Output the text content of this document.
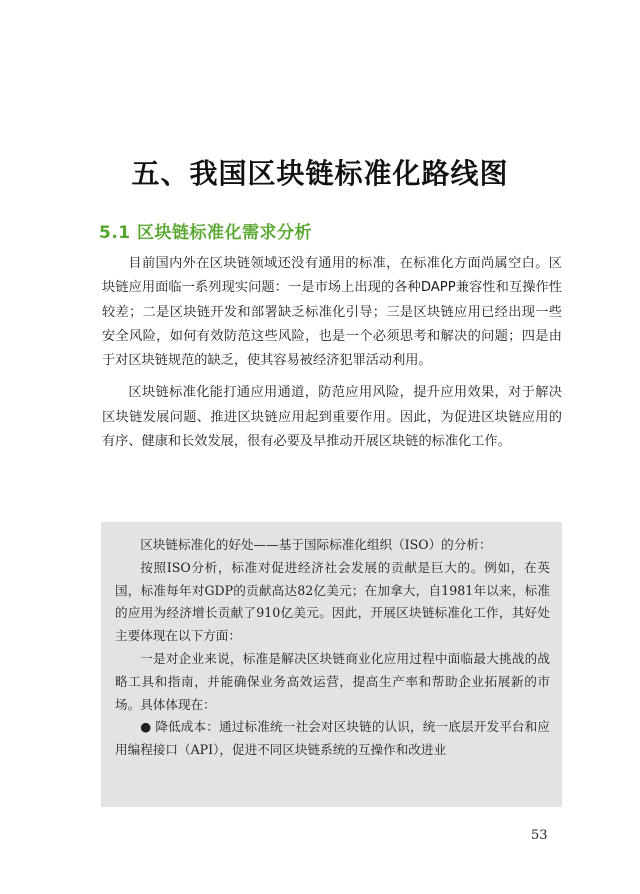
五、我国区块链标准化路线图
5.1 区块链标准化需求分析

目前国内外在区块链领域还没有通用的标准，在标准化方面尚属空白。区块链应用面临一系列现实问题：一是市场上出现的各种DAPP兼容性和互操作性较差；二是区块链开发和部署缺乏标准化引导；三是区块链应用已经出现一些安全风险，如何有效防范这些风险，也是一个必须思考和解决的问题；四是由于对区块链规范的缺乏，使其容易被经济犯罪活动利用。

区块链标准化能打通应用通道，防范应用风险，提升应用效果，对于解决区块链发展问题、推进区块链应用起到重要作用。因此，为促进区块链应用的有序、健康和长效发展，很有必要及早推动开展区块链的标准化工作。

区块链标准化的好处——基于国际标准化组织（ISO）的分析：

按照ISO分析，标准对促进经济社会发展的贡献是巨大的。例如，在英国，标准每年对GDP的贡献高达82亿美元；在加拿大，自1981年以来，标准的应用为经济增长贡献了910亿美元。因此，开展区块链标准化工作，其好处主要体现在以下方面：

一是对企业来说，标准是解决区块链商业化应用过程中面临最大挑战的战略工具和指南，并能确保业务高效运营，提高生产率和帮助企业拓展新的市场。具体体现在：

● 降低成本：通过标准统一社会对区块链的认识，统一底层开发平台和应用编程接口（API），促进不同区块链系统的互操作和改进业

53
